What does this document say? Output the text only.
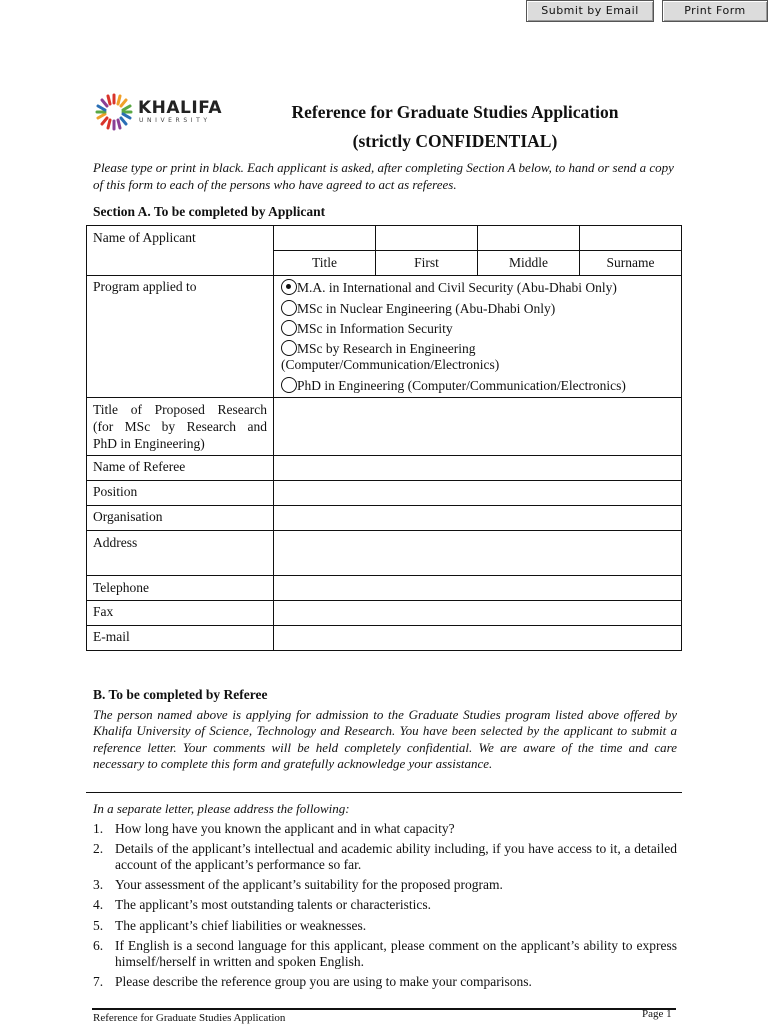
Submit by Email	Print Form
KHALIFA
UNIVERSITY	Reference for Graduate Studies Application
(strictly CONFIDENTIAL)
Please type or print in black. Each applicant is asked, after completing Section A below, to hand or send a copy of this form to each of the persons who have agreed to act as referees.
Section A. To be completed by Applicant
Name of Applicant
Title	First	Middle	Surname
Program applied to	M.A. in International and Civil Security (Abu-Dhabi Only)
MSc in Nuclear Engineering (Abu-Dhabi Only)
MSc in Information Security
MSc by Research in Engineering
(Computer/Communication/Electronics)
PhD in Engineering (Computer/Communication/Electronics)
Title of Proposed Research
(for MSc by Research and
PhD in Engineering)
Name of Referee
Position
Organisation
Address
Telephone
Fax
E-mail
B. To be completed by Referee
The person named above is applying for admission to the Graduate Studies program listed above offered by Khalifa University of Science, Technology and Research. You have been selected by the applicant to submit a reference letter. Your comments will be held completely confidential. We are aware of the time and care necessary to complete this form and gratefully acknowledge your assistance.
In a separate letter, please address the following:
1. How long have you known the applicant and in what capacity?
2. Details of the applicant’s intellectual and academic ability including, if you have access to it, a detailed account of the applicant’s performance so far.
3. Your assessment of the applicant’s suitability for the proposed program.
4. The applicant’s most outstanding talents or characteristics.
5. The applicant’s chief liabilities or weaknesses.
6. If English is a second language for this applicant, please comment on the applicant’s ability to express himself/herself in written and spoken English.
7. Please describe the reference group you are using to make your comparisons.
Reference for Graduate Studies Application	Page 1
